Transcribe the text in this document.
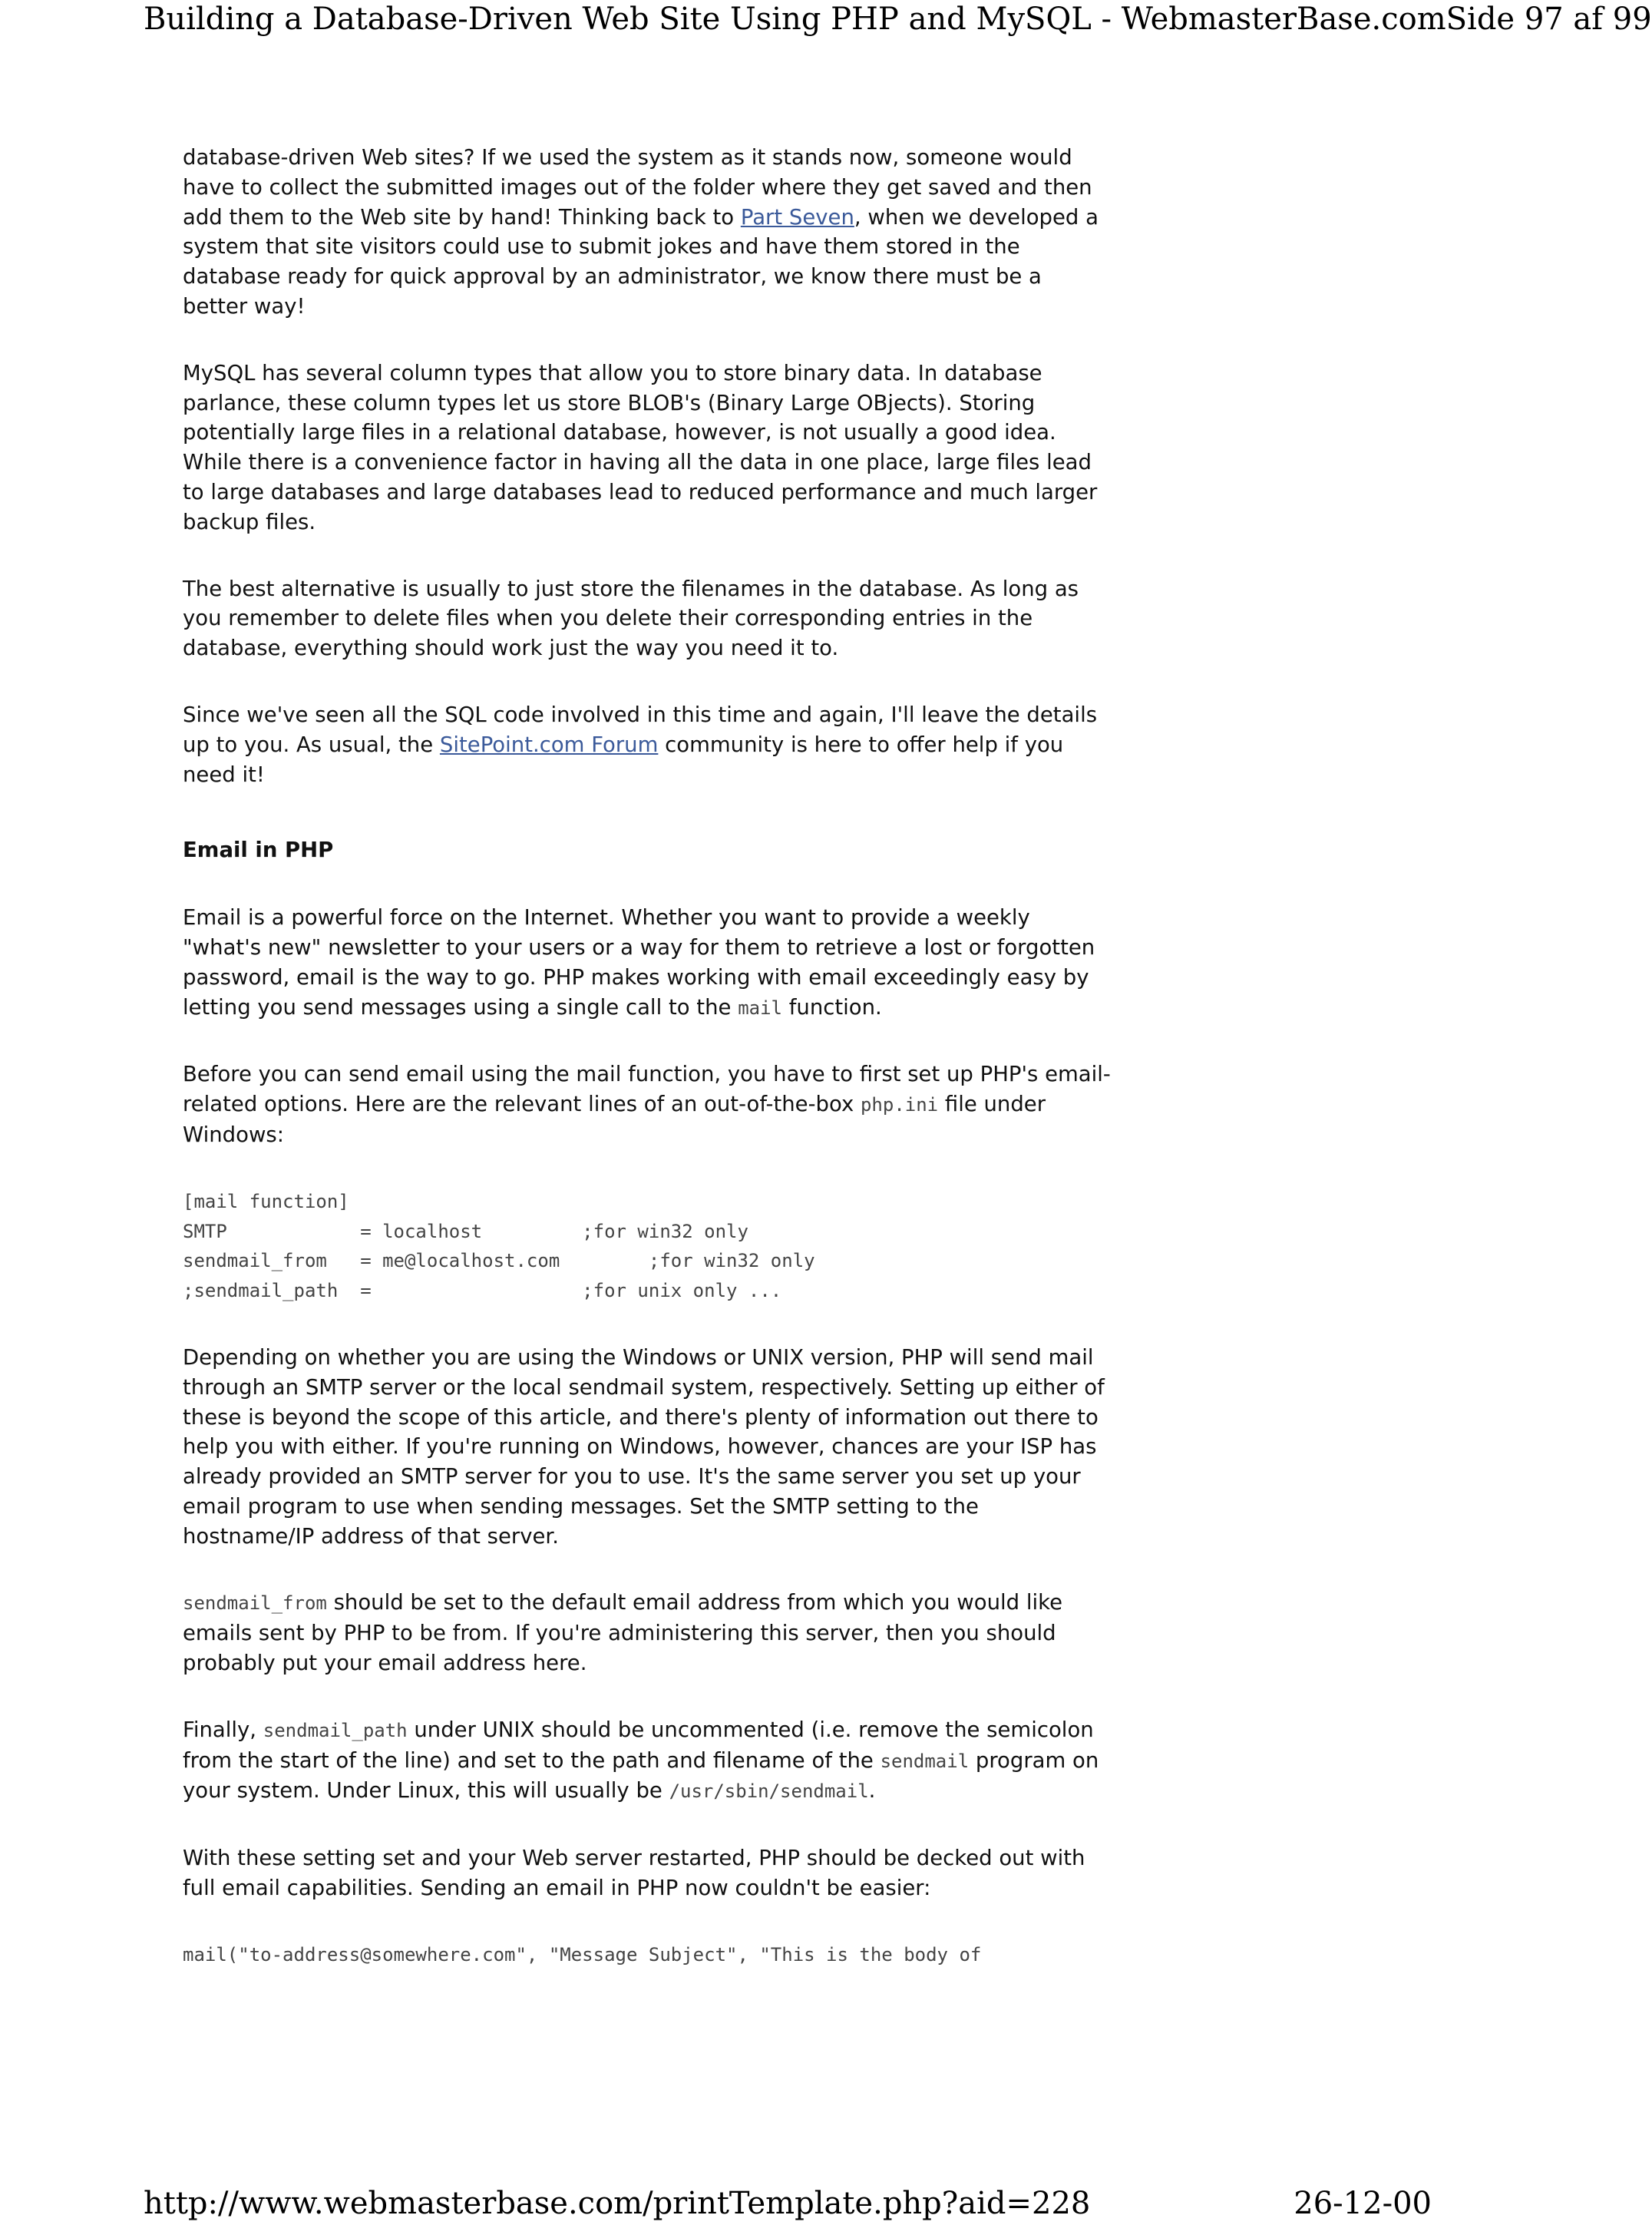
Building a Database-Driven Web Site Using PHP and MySQL - WebmasterBase.com Side 97 af 99

database-driven Web sites? If we used the system as it stands now, someone would have to collect the submitted images out of the folder where they get saved and then add them to the Web site by hand! Thinking back to Part Seven, when we developed a system that site visitors could use to submit jokes and have them stored in the database ready for quick approval by an administrator, we know there must be a better way!

MySQL has several column types that allow you to store binary data. In database parlance, these column types let us store BLOB's (Binary Large OBjects). Storing potentially large files in a relational database, however, is not usually a good idea. While there is a convenience factor in having all the data in one place, large files lead to large databases and large databases lead to reduced performance and much larger backup files.

The best alternative is usually to just store the filenames in the database. As long as you remember to delete files when you delete their corresponding entries in the database, everything should work just the way you need it to.

Since we've seen all the SQL code involved in this time and again, I'll leave the details up to you. As usual, the SitePoint.com Forum community is here to offer help if you need it!

Email in PHP

Email is a powerful force on the Internet. Whether you want to provide a weekly "what's new" newsletter to your users or a way for them to retrieve a lost or forgotten password, email is the way to go. PHP makes working with email exceedingly easy by letting you send messages using a single call to the mail function.

Before you can send email using the mail function, you have to first set up PHP's email-related options. Here are the relevant lines of an out-of-the-box php.ini file under Windows:

[mail function]
SMTP            = localhost         ;for win32 only
sendmail_from   = me@localhost.com        ;for win32 only
;sendmail_path  =                   ;for unix only ...

Depending on whether you are using the Windows or UNIX version, PHP will send mail through an SMTP server or the local sendmail system, respectively. Setting up either of these is beyond the scope of this article, and there's plenty of information out there to help you with either. If you're running on Windows, however, chances are your ISP has already provided an SMTP server for you to use. It's the same server you set up your email program to use when sending messages. Set the SMTP setting to the hostname/IP address of that server.

sendmail_from should be set to the default email address from which you would like emails sent by PHP to be from. If you're administering this server, then you should probably put your email address here.

Finally, sendmail_path under UNIX should be uncommented (i.e. remove the semicolon from the start of the line) and set to the path and filename of the sendmail program on your system. Under Linux, this will usually be /usr/sbin/sendmail.

With these setting set and your Web server restarted, PHP should be decked out with full email capabilities. Sending an email in PHP now couldn't be easier:

mail("to-address@somewhere.com", "Message Subject", "This is the body of
http://www.webmasterbase.com/printTemplate.php?aid=228	26-12-00
